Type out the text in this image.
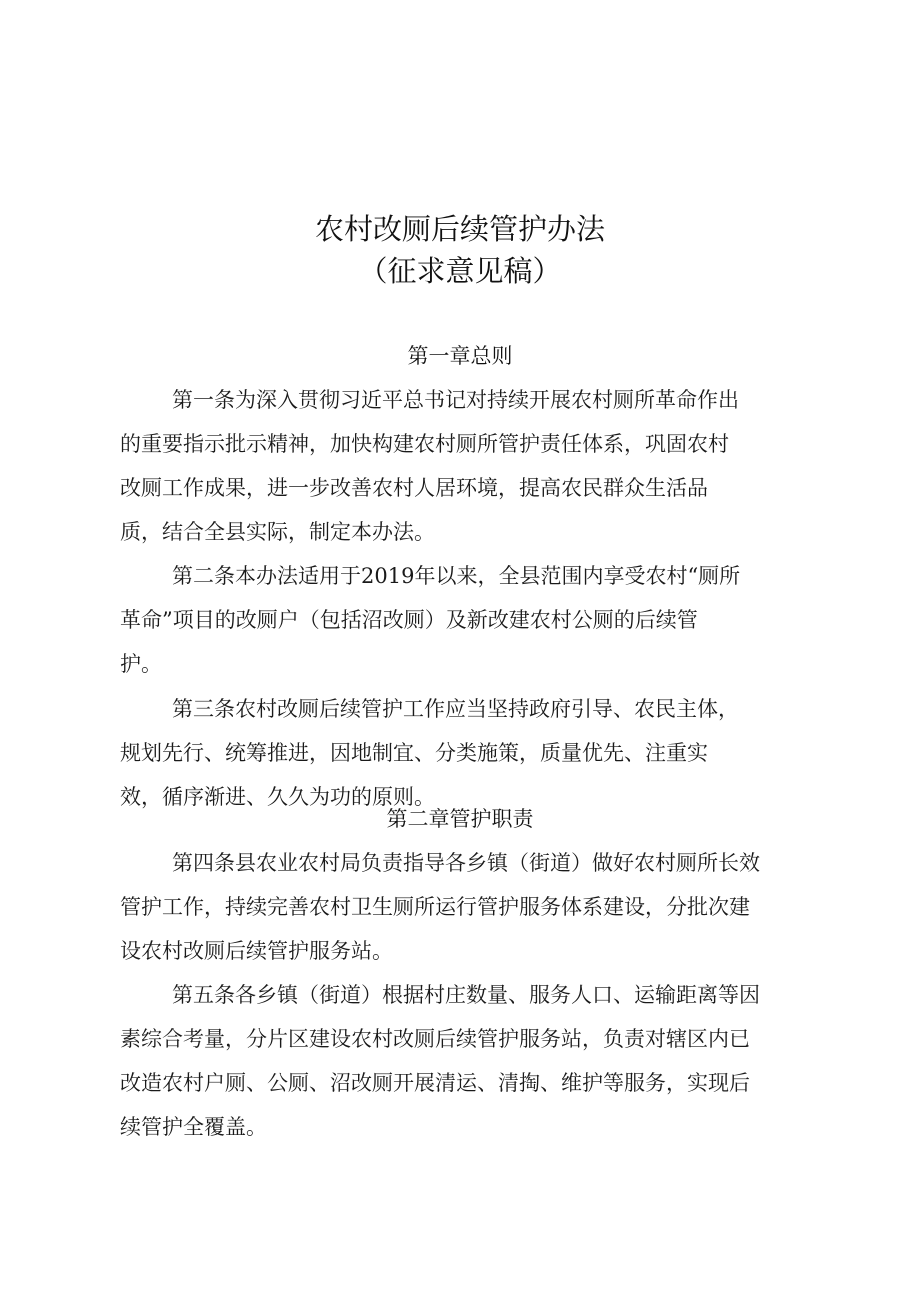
农村改厕后续管护办法
（征求意见稿）
第一章总则
第一条为深入贯彻习近平总书记对持续开展农村厕所革命作出
的重要指示批示精神，加快构建农村厕所管护责任体系，巩固农村
改厕工作成果，进一步改善农村人居环境，提高农民群众生活品
质，结合全县实际，制定本办法。
第二条本办法适用于2019年以来，全县范围内享受农村“厕所
革命”项目的改厕户（包括沼改厕）及新改建农村公厕的后续管
护。
第三条农村改厕后续管护工作应当坚持政府引导、农民主体，
规划先行、统筹推进，因地制宜、分类施策，质量优先、注重实
效，循序渐进、久久为功的原则。
第二章管护职责
第四条县农业农村局负责指导各乡镇（街道）做好农村厕所长效
管护工作，持续完善农村卫生厕所运行管护服务体系建设，分批次建
设农村改厕后续管护服务站。
第五条各乡镇（街道）根据村庄数量、服务人口、运输距离等因
素综合考量，分片区建设农村改厕后续管护服务站，负责对辖区内已
改造农村户厕、公厕、沼改厕开展清运、清掏、维护等服务，实现后
续管护全覆盖。
